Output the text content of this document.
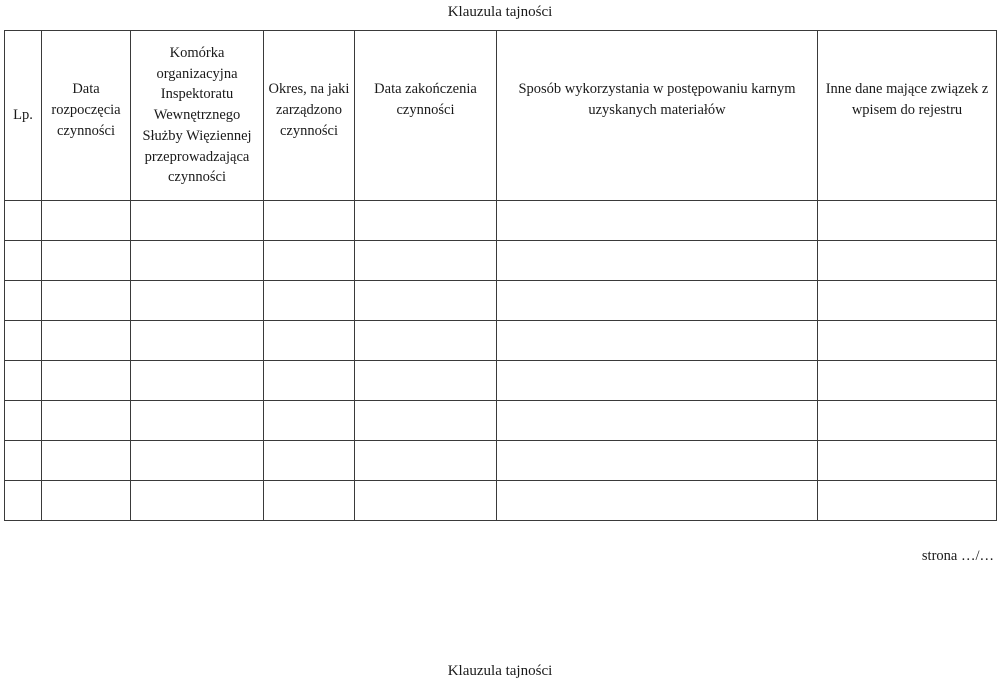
Klauzula tajności
Lp.	Data rozpoczęcia czynności	Komórka organizacyjna Inspektoratu Wewnętrznego Służby Więziennej przeprowadzająca czynności	Okres, na jaki zarządzono czynności	Data zakończenia czynności	Sposób wykorzystania w postępowaniu karnym uzyskanych materiałów	Inne dane mające związek z wpisem do rejestru

strona …/…
Klauzula tajności
